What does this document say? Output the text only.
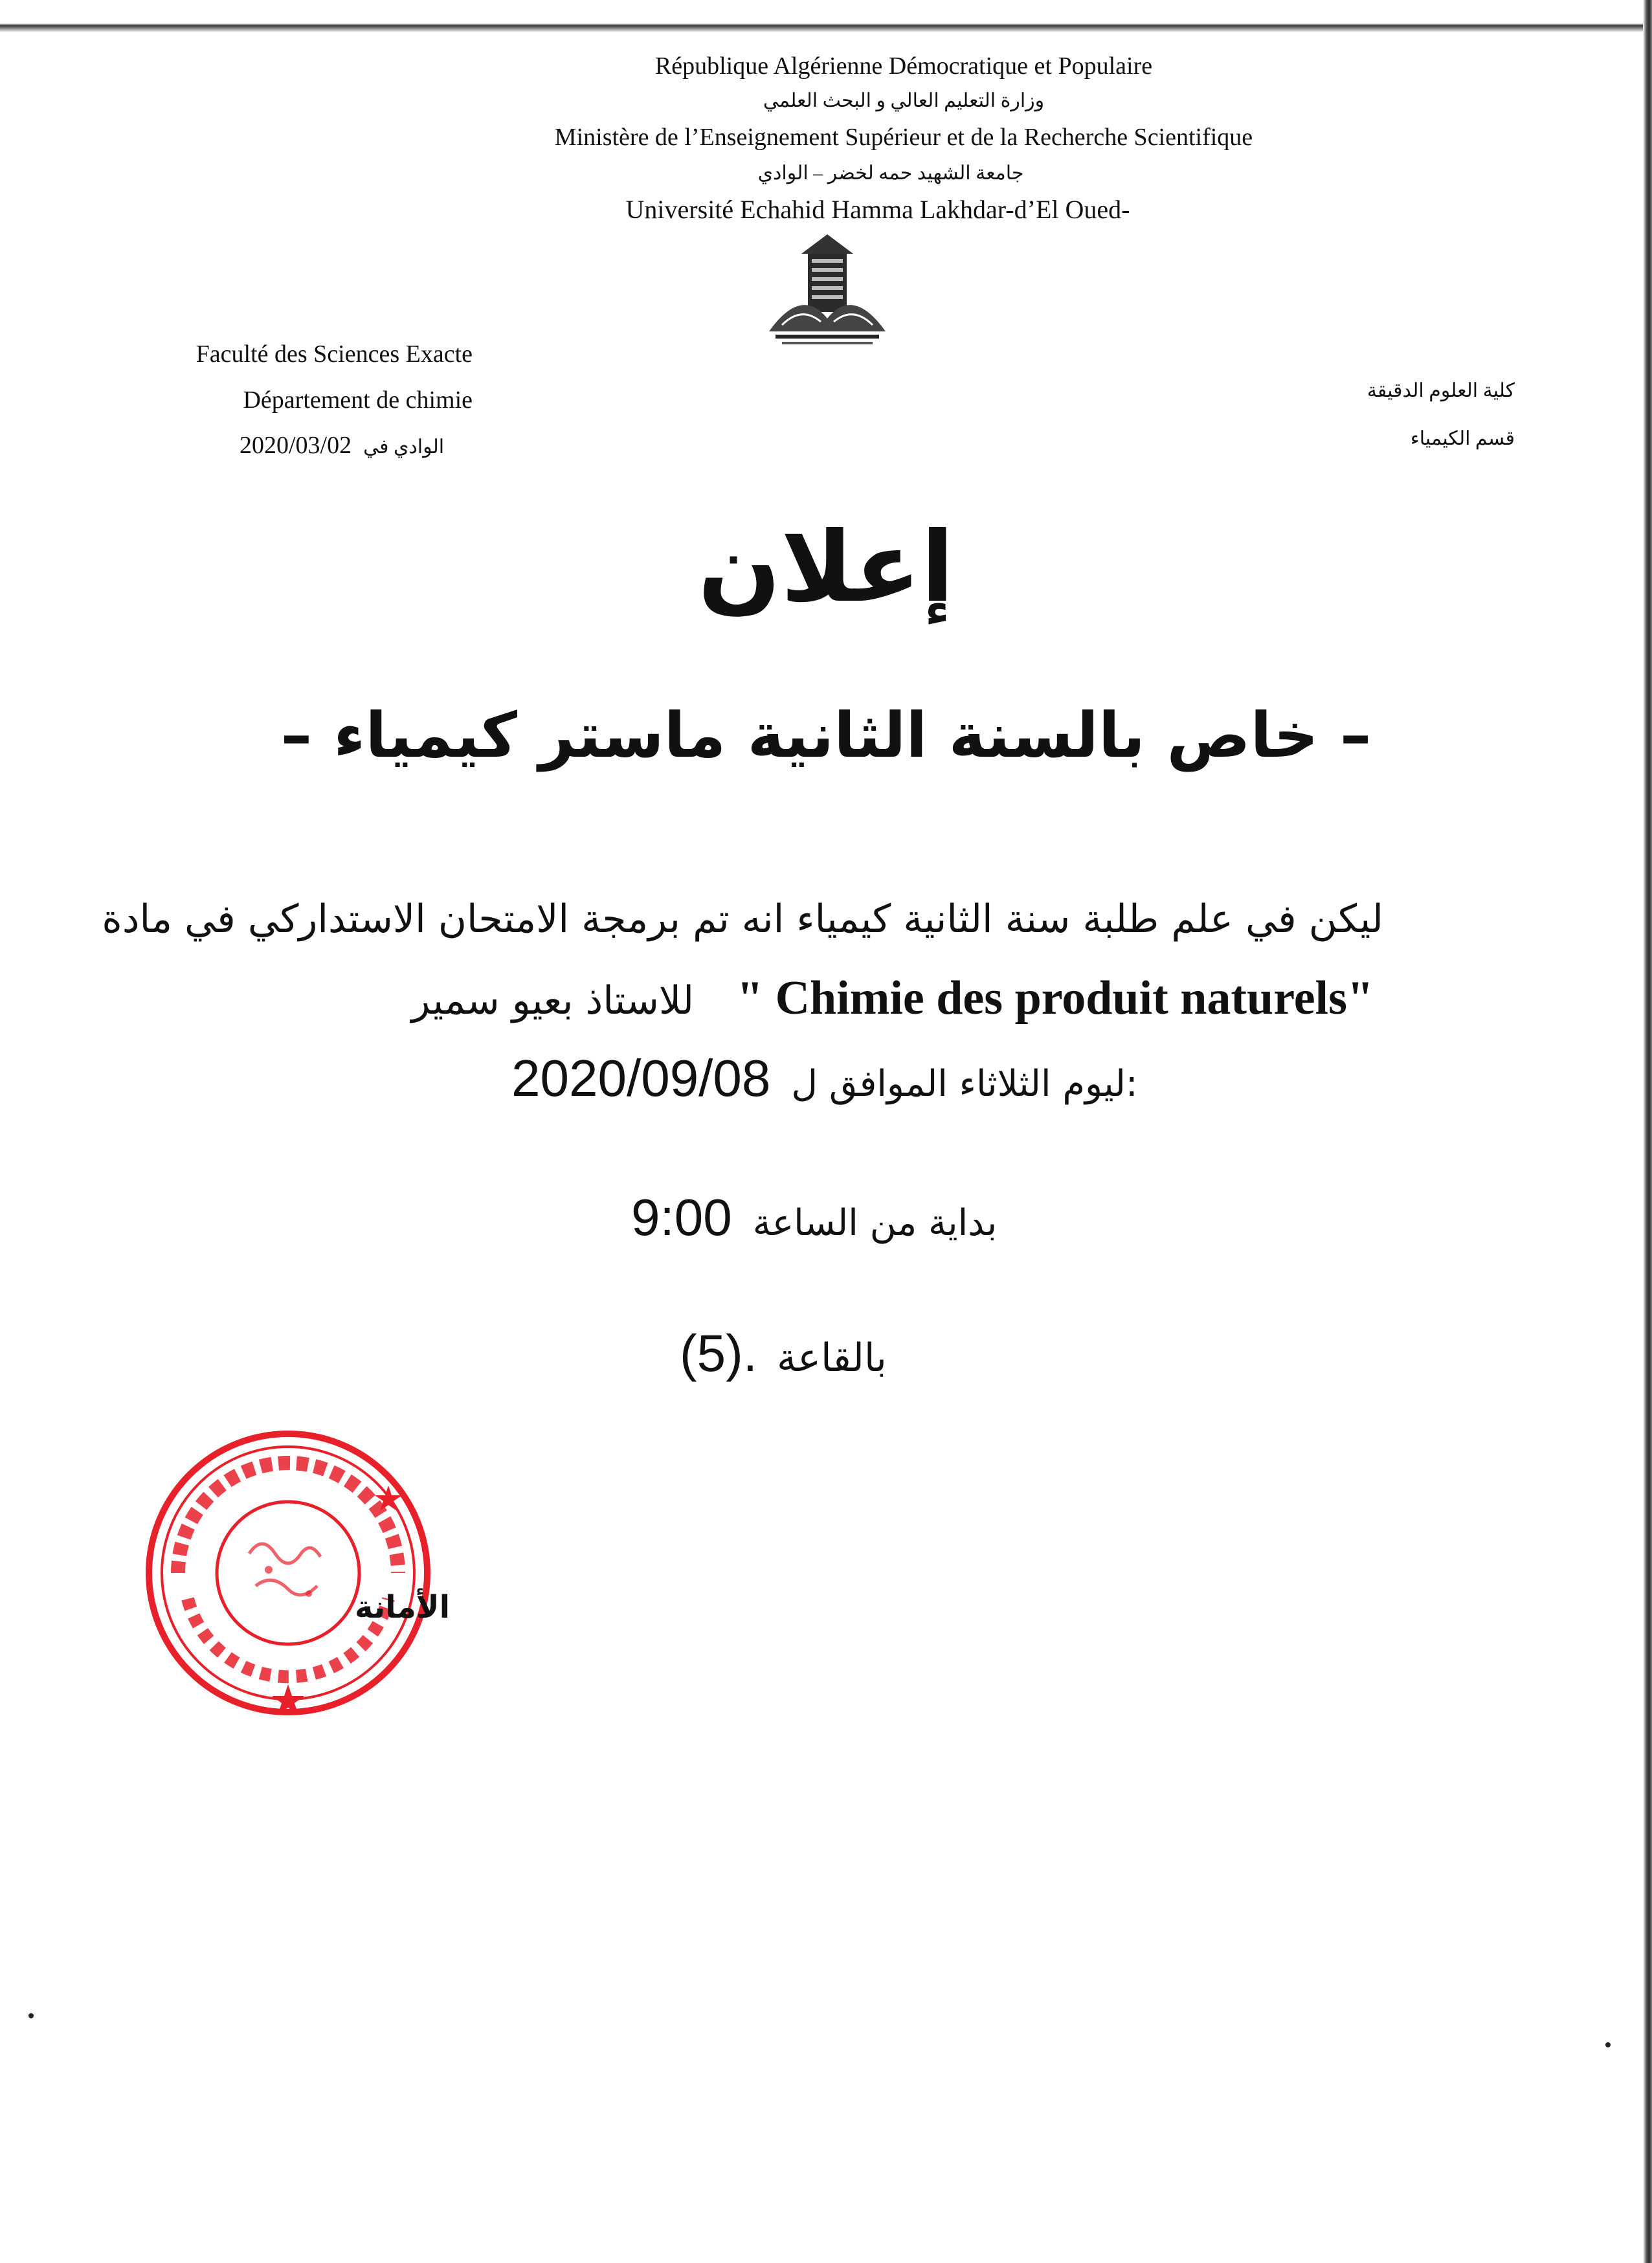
République Algérienne Démocratique et Populaire
وزارة التعليم العالي و البحث العلمي
Ministère de l’Enseignement Supérieur et de la Recherche Scientifique
جامعة الشهيد حمه لخضر – الوادي
Université Echahid Hamma Lakhdar-d’El Oued-
Faculté des Sciences Exacte
Département de chimie
2020/03/02 الوادي في
كلية العلوم الدقيقة
قسم الكيمياء
إعلان
– خاص بالسنة الثانية ماستر كيمياء –
ليكن في علم طلبة سنة الثانية كيمياء انه تم برمجة الامتحان الاستداركي في مادة
للاستاذ بعيو سمير " Chimie des produit naturels"
2020/09/08 ليوم الثلاثاء الموافق ل:
9:00 بداية من الساعة
(5). بالقاعة
الأمانة
